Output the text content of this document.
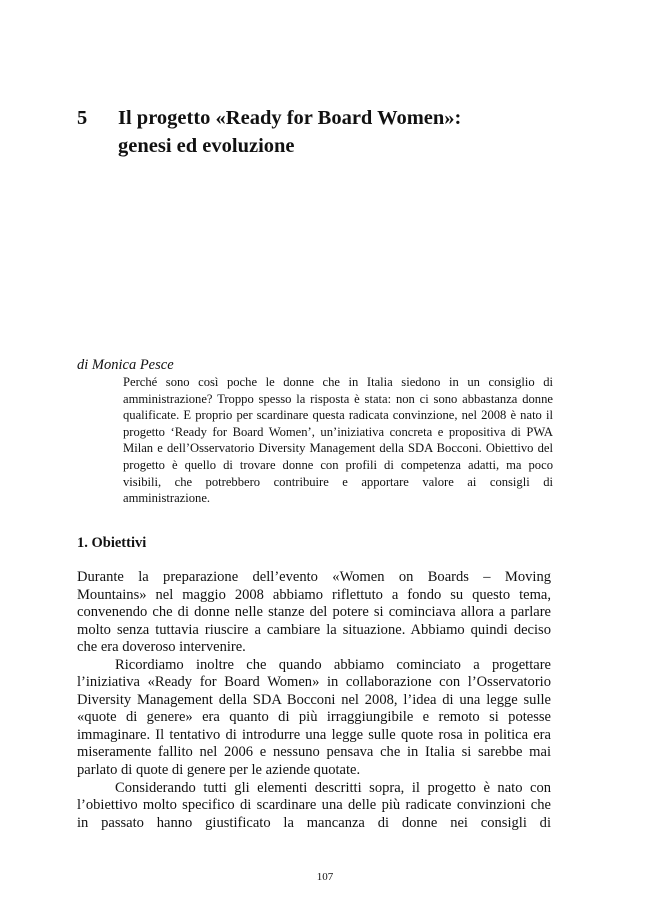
5 Il progetto «Ready for Board Women»:
genesi ed evoluzione
di Monica Pesce
Perché sono così poche le donne che in Italia siedono in un consiglio di
amministrazione? Troppo spesso la risposta è stata: non ci sono abbastanza donne
qualificate. E proprio per scardinare questa radicata convinzione, nel 2008 è nato il
progetto ‘Ready for Board Women’, un’iniziativa concreta e propositiva di PWA
Milan e dell’Osservatorio Diversity Management della SDA Bocconi. Obiettivo del
progetto è quello di trovare donne con profili di competenza adatti, ma poco
visibili, che potrebbero contribuire e apportare valore ai consigli di
amministrazione.
1. Obiettivi
Durante la preparazione dell’evento «Women on Boards – Moving
Mountains» nel maggio 2008 abbiamo riflettuto a fondo su questo tema,
convenendo che di donne nelle stanze del potere si cominciava allora a parlare
molto senza tuttavia riuscire a cambiare la situazione. Abbiamo quindi deciso
che era doveroso intervenire.
Ricordiamo inoltre che quando abbiamo cominciato a progettare
l’iniziativa «Ready for Board Women» in collaborazione con l’Osservatorio
Diversity Management della SDA Bocconi nel 2008, l’idea di una legge sulle
«quote di genere» era quanto di più irraggiungibile e remoto si potesse
immaginare. Il tentativo di introdurre una legge sulle quote rosa in politica era
miseramente fallito nel 2006 e nessuno pensava che in Italia si sarebbe mai
parlato di quote di genere per le aziende quotate.
Considerando tutti gli elementi descritti sopra, il progetto è nato con
l’obiettivo molto specifico di scardinare una delle più radicate convinzioni che
in passato hanno giustificato la mancanza di donne nei consigli di
107
